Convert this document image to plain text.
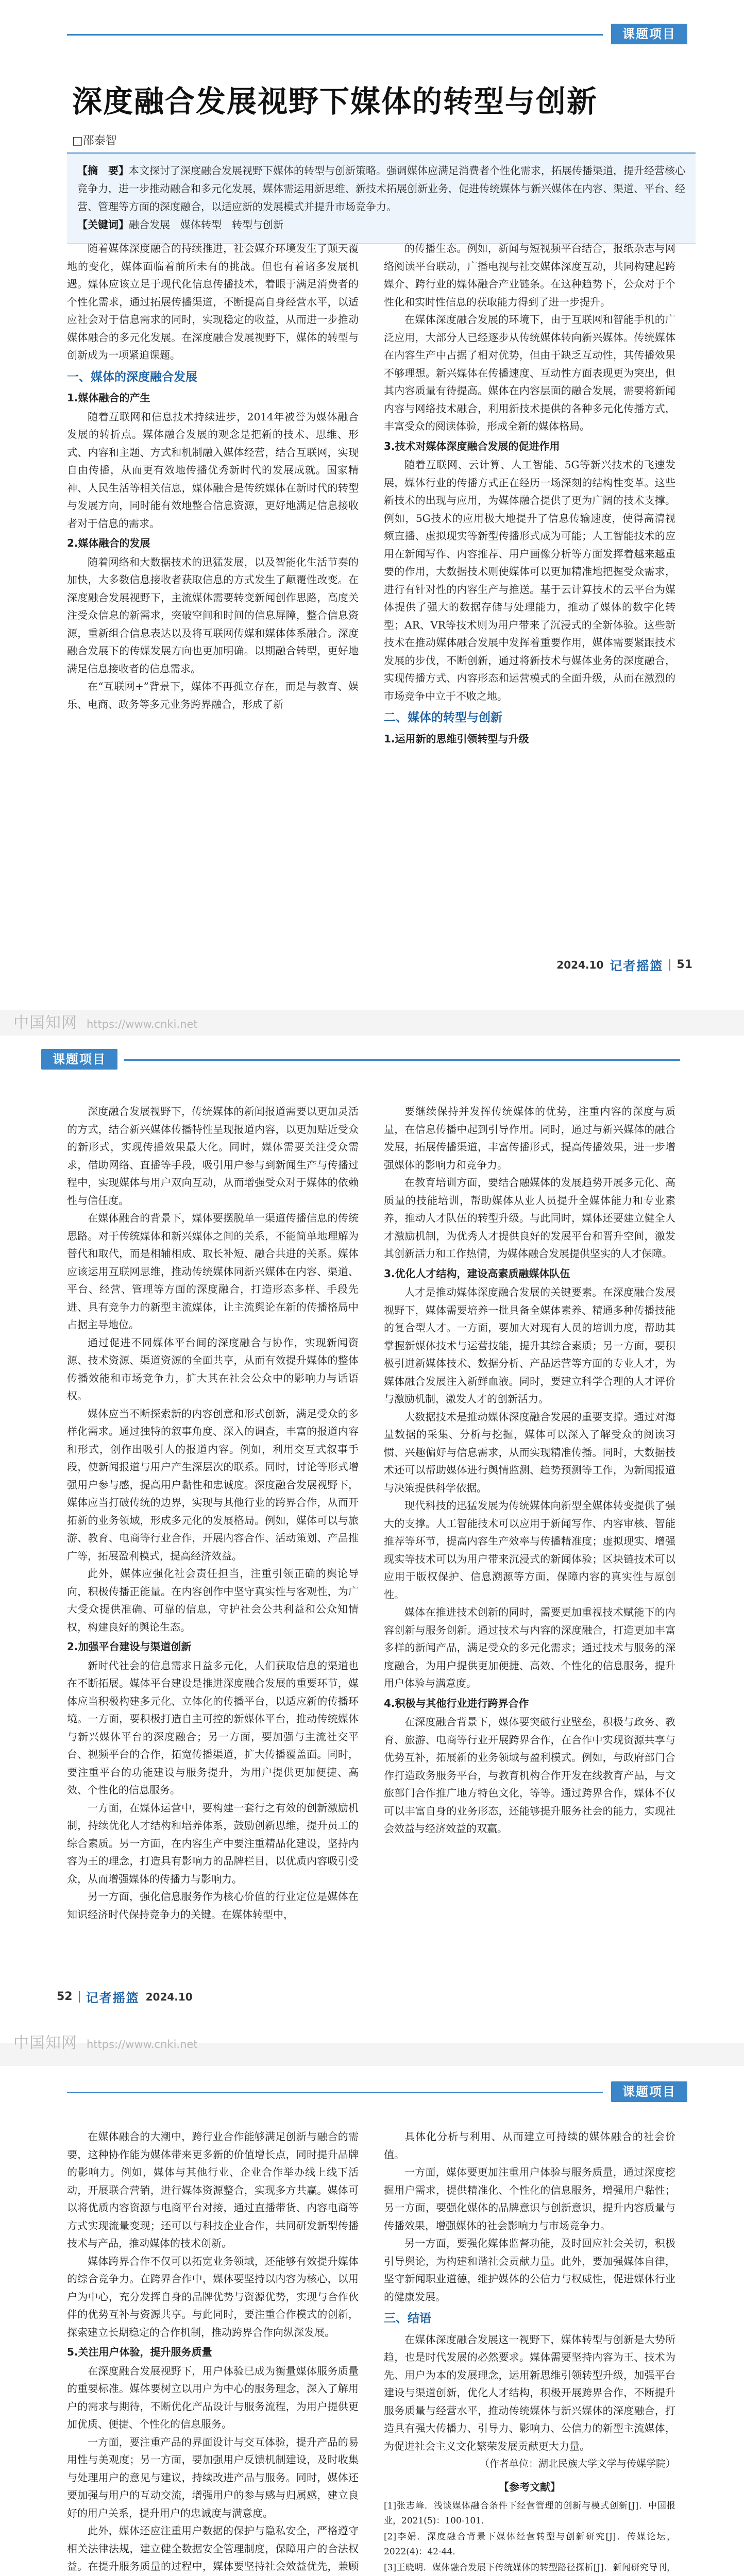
课题项目
深度融合发展视野下媒体的转型与创新
□邵泰智
【摘　要】本文探讨了深度融合发展视野下媒体的转型与创新策略。强调媒体应满足消费者个性化需求，拓展传播渠道，提升经营核心竞争力，进一步推动融合和多元化发展，媒体需运用新思维、新技术拓展创新业务，促进传统媒体与新兴媒体在内容、渠道、平台、经营、管理等方面的深度融合，以适应新的发展模式并提升市场竞争力。
【关键词】融合发展　媒体转型　转型与创新

随着媒体深度融合的持续推进，社会媒介环境发生了颠天覆地的变化，媒体面临着前所未有的挑战。但也有着诸多发展机遇。媒体应该立足于现代化信息传播技术，着眼于满足消费者的个性化需求，通过拓展传播渠道，不断提高自身经营水平，以适应社会对于信息需求的同时，实现稳定的收益，从而进一步推动媒体融合的多元化发展。在深度融合发展视野下，媒体的转型与创新成为一项紧迫课题。

一、媒体的深度融合发展
1.媒体融合的产生

随着互联网和信息技术持续进步，2014年被誉为媒体融合发展的转折点。媒体融合发展的观念是把新的技术、思维、形式、内容和主题、方式和机制融入媒体经营，结合互联网，实现自由传播，从而更有效地传播优秀新时代的发展成就。国家精神、人民生活等相关信息，媒体融合是传统媒体在新时代的转型与发展方向，同时能有效地整合信息资源，更好地满足信息接收者对于信息的需求。

2.媒体融合的发展

随着网络和大数据技术的迅猛发展，以及智能化生活节奏的加快，大多数信息接收者获取信息的方式发生了颠覆性改变。在深度融合发展视野下，主流媒体需要转变新闻创作思路，高度关注受众信息的新需求，突破空间和时间的信息屏障，整合信息资源，重新组合信息表达以及将互联网传媒和媒体体系融合。深度融合发展下的传媒发展方向也更加明确。以期融合转型，更好地满足信息接收者的信息需求。

在“互联网+”背景下，媒体不再孤立存在，而是与教育、娱乐、电商、政务等多元业务跨界融合，形成了新

的传播生态。例如，新闻与短视频平台结合，报纸杂志与网络阅读平台联动，广播电视与社交媒体深度互动，共同构建起跨媒介、跨行业的媒体融合产业链条。在这种趋势下，公众对于个性化和实时性信息的获取能力得到了进一步提升。

在媒体深度融合发展的环境下，由于互联网和智能手机的广泛应用，大部分人已经逐步从传统媒体转向新兴媒体。传统媒体在内容生产中占据了相对优势，但由于缺乏互动性，其传播效果不够理想。新兴媒体在传播速度、互动性方面表现更为突出，但其内容质量有待提高。媒体在内容层面的融合发展，需要将新闻内容与网络技术融合，利用新技术提供的各种多元化传播方式，丰富受众的阅读体验，形成全新的媒体格局。

3.技术对媒体深度融合发展的促进作用

随着互联网、云计算、人工智能、5G等新兴技术的飞速发展，媒体行业的传播方式正在经历一场深刻的结构性变革。这些新技术的出现与应用，为媒体融合提供了更为广阔的技术支撑。例如，5G技术的应用极大地提升了信息传输速度，使得高清视频直播、虚拟现实等新型传播形式成为可能；人工智能技术的应用在新闻写作、内容推荐、用户画像分析等方面发挥着越来越重要的作用，大数据技术则使媒体可以更加精准地把握受众需求，进行有针对性的内容生产与推送。基于云计算技术的云平台为媒体提供了强大的数据存储与处理能力，推动了媒体的数字化转型；AR、VR等技术则为用户带来了沉浸式的全新体验。这些新技术在推动媒体融合发展中发挥着重要作用，媒体需要紧跟技术发展的步伐，不断创新，通过将新技术与媒体业务的深度融合，实现传播方式、内容形态和运营模式的全面升级，从而在激烈的市场竞争中立于不败之地。

二、媒体的转型与创新
1.运用新的思维引领转型与升级
2024.10 记者摇篮 51
中国知网 https://www.cnki.net
课题项目

深度融合发展视野下，传统媒体的新闻报道需要以更加灵活的方式，结合新兴媒体传播特性呈现报道内容，以更加贴近受众的新形式，实现传播效果最大化。同时，媒体需要关注受众需求，借助网络、直播等手段，吸引用户参与到新闻生产与传播过程中，实现媒体与用户双向互动，从而增强受众对于媒体的依赖性与信任度。

在媒体融合的背景下，媒体要摆脱单一渠道传播信息的传统思路。对于传统媒体和新兴媒体之间的关系，不能简单地理解为替代和取代，而是相辅相成、取长补短、融合共进的关系。媒体应该运用互联网思维，推动传统媒体同新兴媒体在内容、渠道、平台、经营、管理等方面的深度融合，打造形态多样、手段先进、具有竞争力的新型主流媒体，让主流舆论在新的传播格局中占据主导地位。

通过促进不同媒体平台间的深度融合与协作，实现新闻资源、技术资源、渠道资源的全面共享，从而有效提升媒体的整体传播效能和市场竞争力，扩大其在社会公众中的影响力与话语权。

媒体应当不断探索新的内容创意和形式创新，满足受众的多样化需求。通过独特的叙事角度、深入的调查，丰富的报道内容和形式，创作出吸引人的报道内容。例如，利用交互式叙事手段，使新闻报道与用户产生深层次的联系。同时，讨论等形式增强用户参与感，提高用户黏性和忠诚度。深度融合发展视野下，媒体应当打破传统的边界，实现与其他行业的跨界合作，从而开拓新的业务领域，形成多元化的发展格局。例如，媒体可以与旅游、教育、电商等行业合作，开展内容合作、活动策划、产品推广等，拓展盈利模式，提高经济效益。

此外，媒体应强化社会责任担当，注重引领正确的舆论导向，积极传播正能量。在内容创作中坚守真实性与客观性，为广大受众提供准确、可靠的信息，守护社会公共利益和公众知情权，构建良好的舆论生态。

2.加强平台建设与渠道创新

新时代社会的信息需求日益多元化，人们获取信息的渠道也在不断拓展。媒体平台建设是推进深度融合发展的重要环节，媒体应当积极构建多元化、立体化的传播平台，以适应新的传播环境。一方面，要积极打造自主可控的新媒体平台，推动传统媒体与新兴媒体平台的深度融合；另一方面，要加强与主流社交平台、视频平台的合作，拓宽传播渠道，扩大传播覆盖面。同时，要注重平台的功能建设与服务提升，为用户提供更加便捷、高效、个性化的信息服务。

一方面，在媒体运营中，要构建一套行之有效的创新激励机制，持续优化人才结构和培养体系，鼓励创新思维，提升员工的综合素质。另一方面，在内容生产中要注重精品化建设，坚持内容为王的理念，打造具有影响力的品牌栏目，以优质内容吸引受众，从而增强媒体的传播力与影响力。

另一方面，强化信息服务作为核心价值的行业定位是媒体在知识经济时代保持竞争力的关键。在媒体转型中，

要继续保持并发挥传统媒体的优势，注重内容的深度与质量，在信息传播中起到引导作用。同时，通过与新兴媒体的融合发展，拓展传播渠道，丰富传播形式，提高传播效果，进一步增强媒体的影响力和竞争力。

在教育培训方面，要结合融媒体的发展趋势开展多元化、高质量的技能培训，帮助媒体从业人员提升全媒体能力和专业素养，推动人才队伍的转型升级。与此同时，媒体还要建立健全人才激励机制，为优秀人才提供良好的发展平台和晋升空间，激发其创新活力和工作热情，为媒体融合发展提供坚实的人才保障。

3.优化人才结构，建设高素质融媒体队伍

人才是推动媒体深度融合发展的关键要素。在深度融合发展视野下，媒体需要培养一批具备全媒体素养、精通多种传播技能的复合型人才。一方面，要加大对现有人员的培训力度，帮助其掌握新媒体技术与运营技能，提升其综合素质；另一方面，要积极引进新媒体技术、数据分析、产品运营等方面的专业人才，为媒体融合发展注入新鲜血液。同时，要建立科学合理的人才评价与激励机制，激发人才的创新活力。

大数据技术是推动媒体深度融合发展的重要支撑。通过对海量数据的采集、分析与挖掘，媒体可以深入了解受众的阅读习惯、兴趣偏好与信息需求，从而实现精准传播。同时，大数据技术还可以帮助媒体进行舆情监测、趋势预测等工作，为新闻报道与决策提供科学依据。

现代科技的迅猛发展为传统媒体向新型全媒体转变提供了强大的支撑。人工智能技术可以应用于新闻写作、内容审核、智能推荐等环节，提高内容生产效率与传播精准度；虚拟现实、增强现实等技术可以为用户带来沉浸式的新闻体验；区块链技术可以应用于版权保护、信息溯源等方面，保障内容的真实性与原创性。

媒体在推进技术创新的同时，需要更加重视技术赋能下的内容创新与服务创新。通过技术与内容的深度融合，打造更加丰富多样的新闻产品，满足受众的多元化需求；通过技术与服务的深度融合，为用户提供更加便捷、高效、个性化的信息服务，提升用户体验与满意度。

4.积极与其他行业进行跨界合作

在深度融合背景下，媒体要突破行业壁垒，积极与政务、教育、旅游、电商等行业开展跨界合作，在合作中实现资源共享与优势互补，拓展新的业务领域与盈利模式。例如，与政府部门合作打造政务服务平台，与教育机构合作开发在线教育产品，与文旅部门合作推广地方特色文化，等等。通过跨界合作，媒体不仅可以丰富自身的业务形态，还能够提升服务社会的能力，实现社会效益与经济效益的双赢。

52 记者摇篮 2024.10
中国知网 https://www.cnki.net
课题项目

在媒体融合的大潮中，跨行业合作能够满足创新与融合的需要，这种协作能为媒体带来更多新的价值增长点，同时提升品牌的影响力。例如，媒体与其他行业、企业合作举办线上线下活动，开展联合营销，进行媒体资源整合，实现多方共赢。媒体可以将优质内容资源与电商平台对接，通过直播带货、内容电商等方式实现流量变现；还可以与科技企业合作，共同研发新型传播技术与产品，推动媒体的技术创新。

媒体跨界合作不仅可以拓宽业务领域，还能够有效提升媒体的综合竞争力。在跨界合作中，媒体要坚持以内容为核心，以用户为中心，充分发挥自身的品牌优势与资源优势，实现与合作伙伴的优势互补与资源共享。与此同时，要注重合作模式的创新，探索建立长期稳定的合作机制，推动跨界合作向纵深发展。

5.关注用户体验，提升服务质量

在深度融合发展视野下，用户体验已成为衡量媒体服务质量的重要标准。媒体要树立以用户为中心的服务理念，深入了解用户的需求与期待，不断优化产品设计与服务流程，为用户提供更加优质、便捷、个性化的信息服务。

一方面，要注重产品的界面设计与交互体验，提升产品的易用性与美观度；另一方面，要加强用户反馈机制建设，及时收集与处理用户的意见与建议，持续改进产品与服务。同时，媒体还要加强与用户的互动交流，增强用户的参与感与归属感，建立良好的用户关系，提升用户的忠诚度与满意度。

此外，媒体还应注重用户数据的保护与隐私安全，严格遵守相关法律法规，建立健全数据安全管理制度，保障用户的合法权益。在提升服务质量的过程中，媒体要坚持社会效益优先，兼顾

具体化分析与利用、从而建立可持续的媒体融合的社会价值。

一方面，媒体要更加注重用户体验与服务质量，通过深度挖掘用户需求，提供精准化、个性化的信息服务，增强用户黏性；另一方面，要强化媒体的品牌意识与创新意识，提升内容质量与传播效果，增强媒体的社会影响力与市场竞争力。

另一方面，要强化媒体监督功能，及时回应社会关切，积极引导舆论，为构建和谐社会贡献力量。此外，要加强媒体自律，坚守新闻职业道德，维护媒体的公信力与权威性，促进媒体行业的健康发展。

三、结语

在媒体深度融合发展这一视野下，媒体转型与创新是大势所趋，也是时代发展的必然要求。媒体需要坚持内容为王、技术为先、用户为本的发展理念，运用新思维引领转型升级，加强平台建设与渠道创新，优化人才结构，积极开展跨界合作，不断提升服务质量与经营水平，推动传统媒体与新兴媒体的深度融合，打造具有强大传播力、引导力、影响力、公信力的新型主流媒体，为促进社会主义文化繁荣发展贡献更大力量。

（作者单位：湖北民族大学文学与传媒学院）

【参考文献】

[1]张志峰．浅谈媒体融合条件下经营管理的创新与模式创新[J]．中国报业，2021(5)：100-101．

[2]李娟．深度融合背景下媒体经营转型与创新研究[J]．传媒论坛，2022(4)：42-44．

[3]王晓明．媒体融合发展下传统媒体的转型路径探析[J]．新闻研究导刊，
